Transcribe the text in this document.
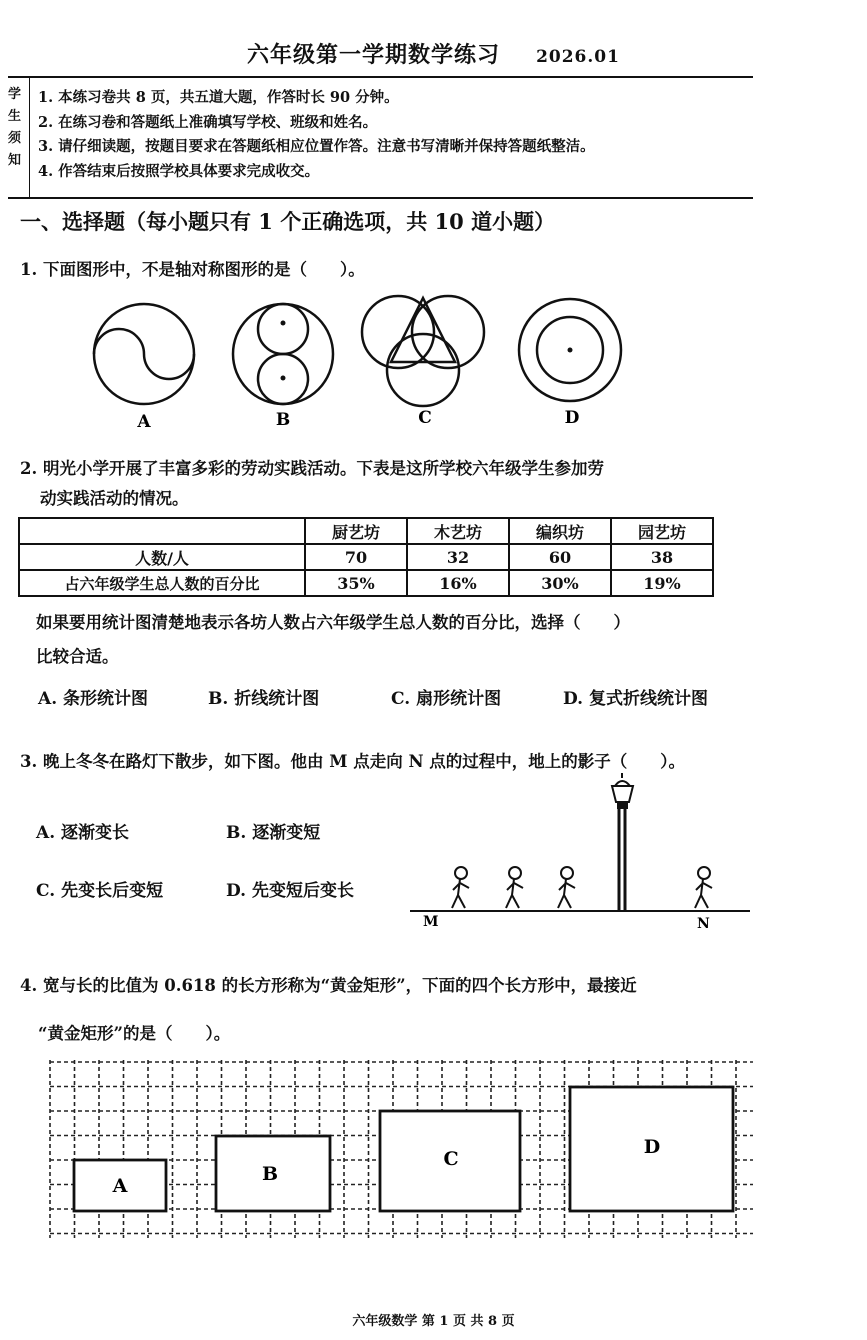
六年级第一学期数学练习 2026.01
学
生
须
知
1. 本练习卷共 8 页，共五道大题，作答时长 90 分钟。
2. 在练习卷和答题纸上准确填写学校、班级和姓名。
3. 请仔细读题，按题目要求在答题纸相应位置作答。注意书写清晰并保持答题纸整洁。
4. 作答结束后按照学校具体要求完成收交。
一、选择题（每小题只有 1 个正确选项，共 10 道小题）
1. 下面图形中，不是轴对称图形的是（　　）。
A	B	C	D
2. 明光小学开展了丰富多彩的劳动实践活动。下表是这所学校六年级学生参加劳
动实践活动的情况。
	厨艺坊	木艺坊	编织坊	园艺坊
人数/人	70	32	60	38
占六年级学生总人数的百分比	35%	16%	30%	19%
如果要用统计图清楚地表示各坊人数占六年级学生总人数的百分比，选择（　　）
比较合适。
A. 条形统计图	B. 折线统计图	C. 扇形统计图	D. 复式折线统计图
3. 晚上冬冬在路灯下散步，如下图。他由 M 点走向 N 点的过程中，地上的影子（　　）。
A. 逐渐变长	B. 逐渐变短
C. 先变长后变短	D. 先变短后变长
M	N
4. 宽与长的比值为 0.618 的长方形称为“黄金矩形”，下面的四个长方形中，最接近
“黄金矩形”的是（　　）。
A
B
C
D
六年级数学 第 1 页 共 8 页
